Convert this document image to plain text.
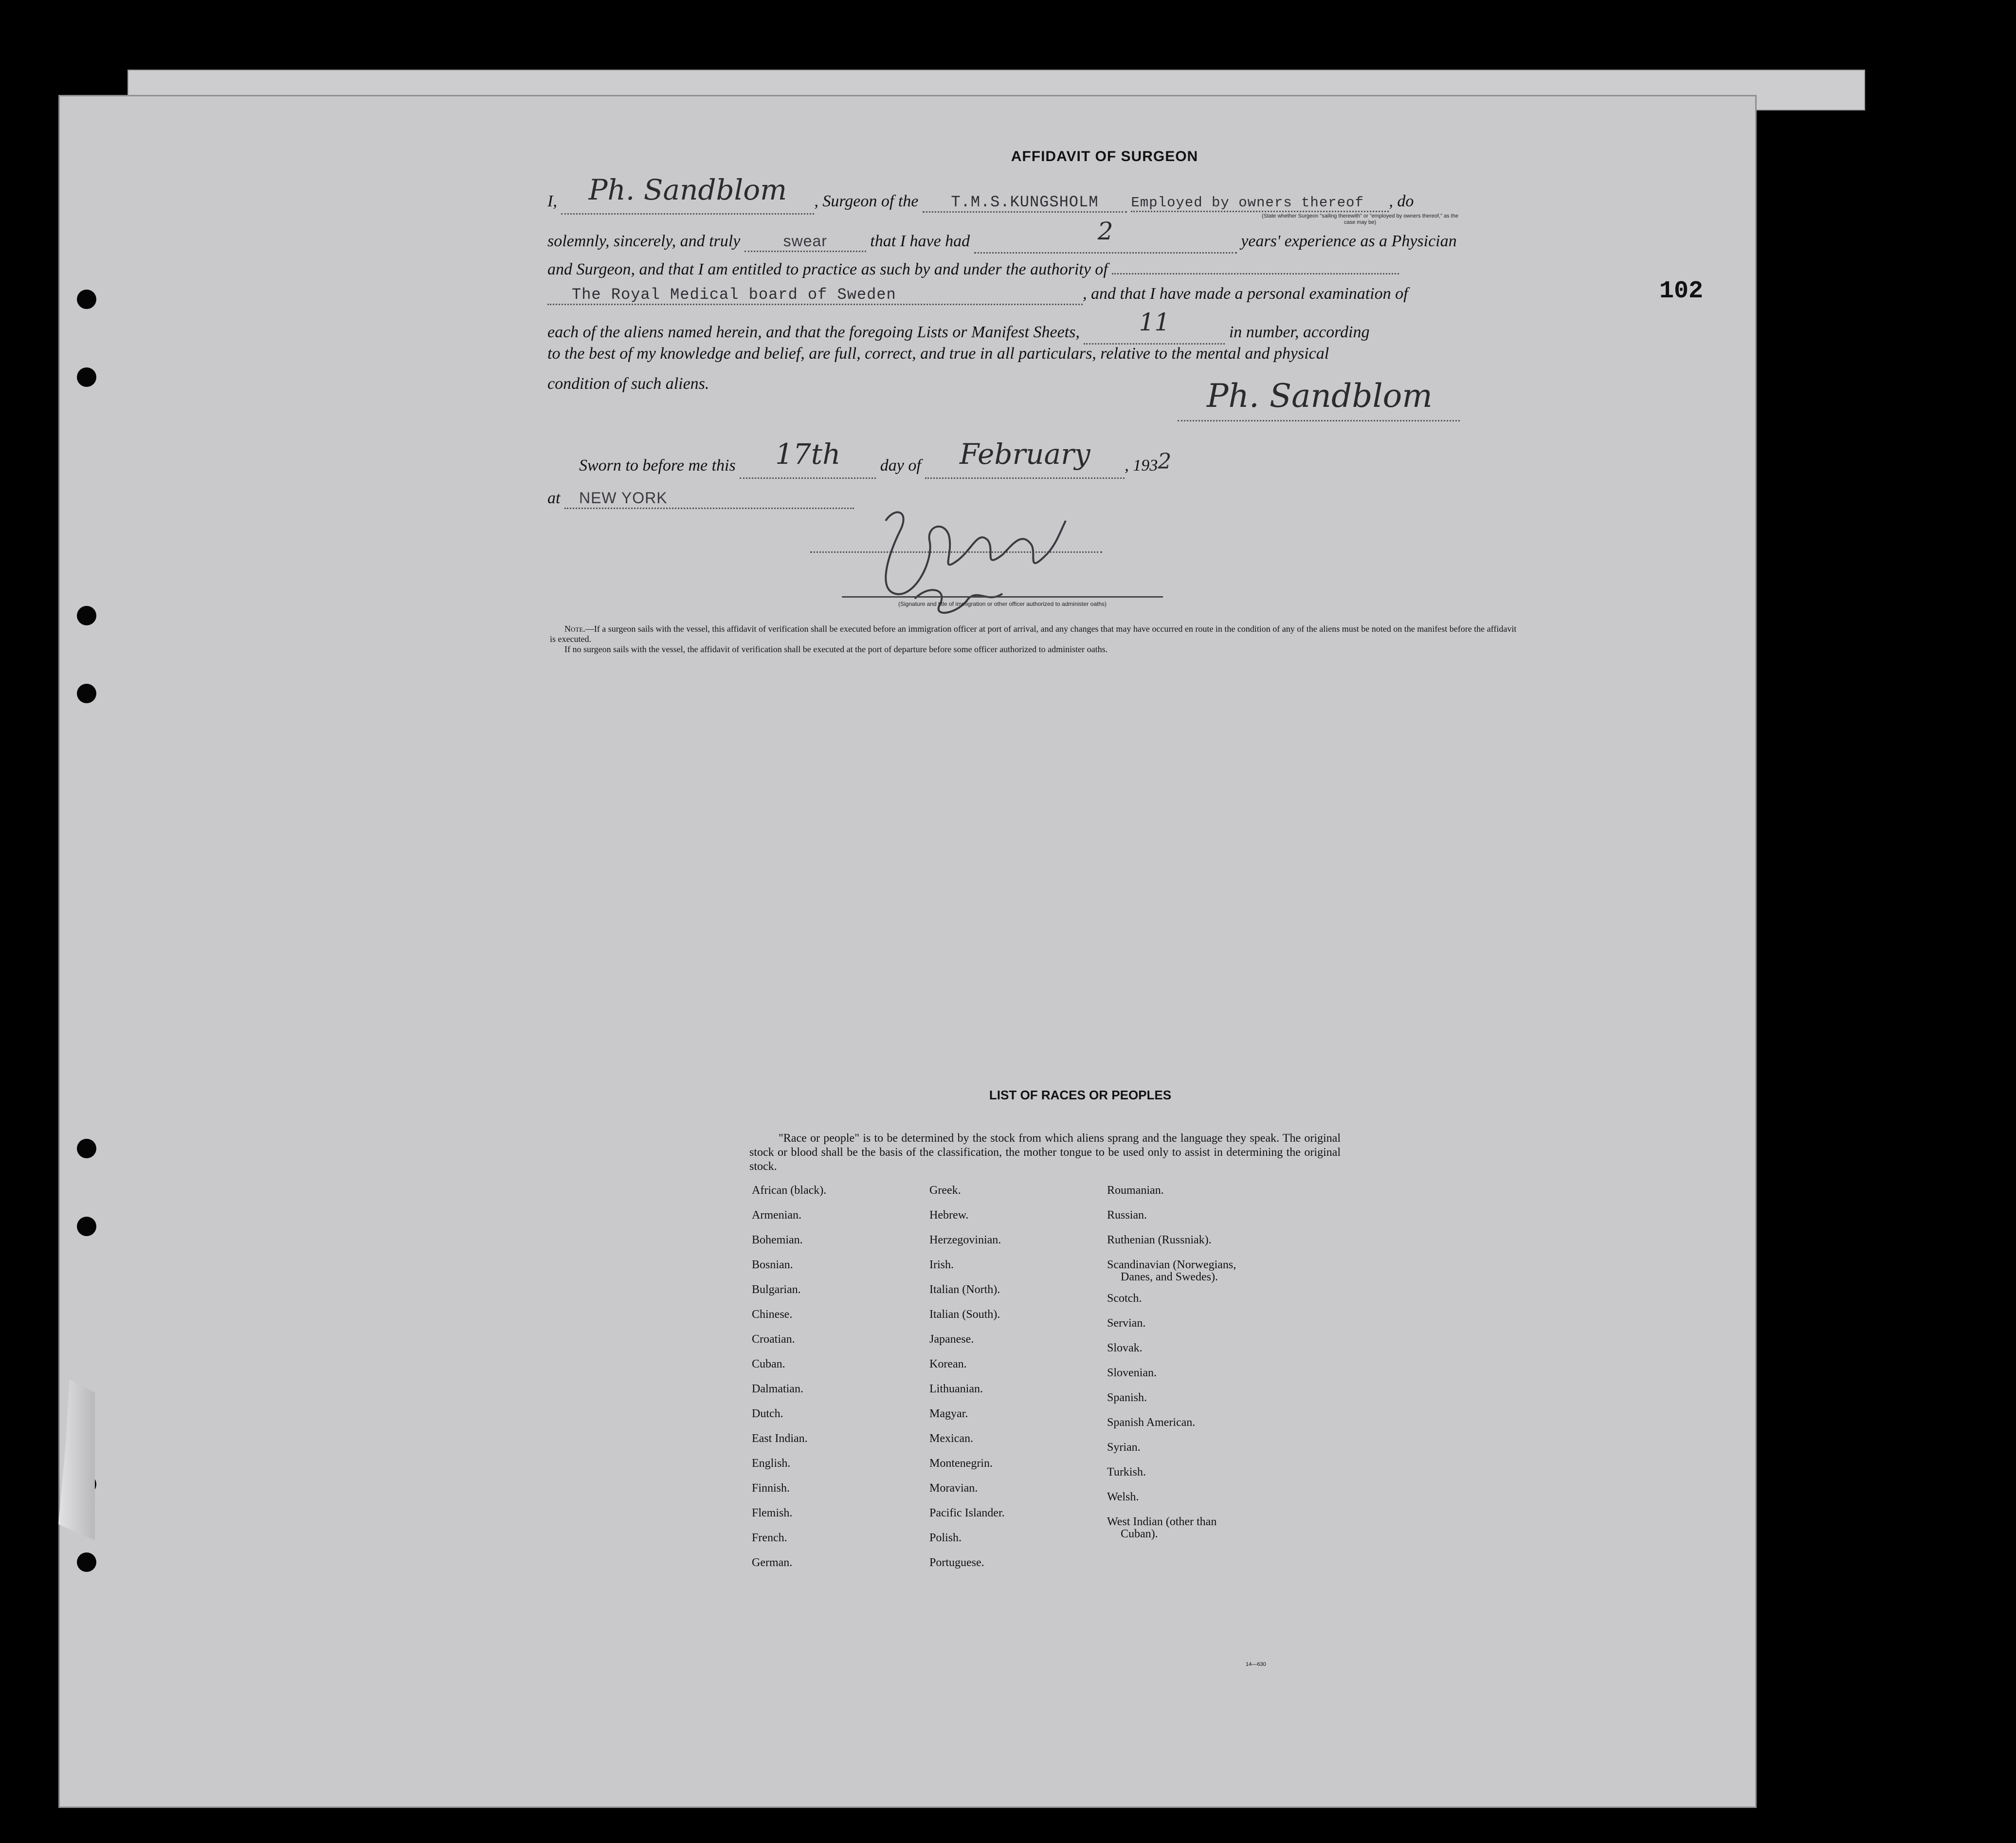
102
AFFIDAVIT OF SURGEON
I, Ph. Sandblom , Surgeon of the T.M.S.KUNGSHOLM Employed by owners thereof , do
(State whether Surgeon "sailing therewith" or "employed by owners thereof," as the case may be)
solemnly, sincerely, and truly	swear	that I have had	2	years' experience as a Physician
and Surgeon, and that I am entitled to practice as such by and under the authority of
The Royal Medical board of Sweden	, and that I have made a personal examination of
each of the aliens named herein, and that the foregoing Lists or Manifest Sheets, 11	in number, according
to the best of my knowledge and belief, are full, correct, and true in all particulars, relative to the mental and physical
condition of such aliens.	Ph. Sandblom
Sworn to before me this 17th day of February , 1932
at NEW YORK
(Signature and title of immigration or other officer authorized to administer oaths)
Note.—If a surgeon sails with the vessel, this affidavit of verification shall be executed before an immigration officer at port of arrival, and any changes that may have occurred en route in the condition of any of the aliens must be noted on the manifest before the affidavit is executed.
If no surgeon sails with the vessel, the affidavit of verification shall be executed at the port of departure before some officer authorized to administer oaths.
LIST OF RACES OR PEOPLES
"Race or people" is to be determined by the stock from which aliens sprang and the language they speak. The original stock or blood shall be the basis of the classification, the mother tongue to be used only to assist in determining the original stock.
African (black).
Armenian.
Bohemian.
Bosnian.
Bulgarian.
Chinese.
Croatian.
Cuban.
Dalmatian.
Dutch.
East Indian.
English.
Finnish.
Flemish.
French.
German.
Greek.
Hebrew.
Herzegovinian.
Irish.
Italian (North).
Italian (South).
Japanese.
Korean.
Lithuanian.
Magyar.
Mexican.
Montenegrin.
Moravian.
Pacific Islander.
Polish.
Portuguese.
Roumanian.
Russian.
Ruthenian (Russniak).
Scandinavian (Norwegians,
Danes, and Swedes).
Scotch.
Servian.
Slovak.
Slovenian.
Spanish.
Spanish American.
Syrian.
Turkish.
Welsh.
West Indian (other than
Cuban).
14—630
